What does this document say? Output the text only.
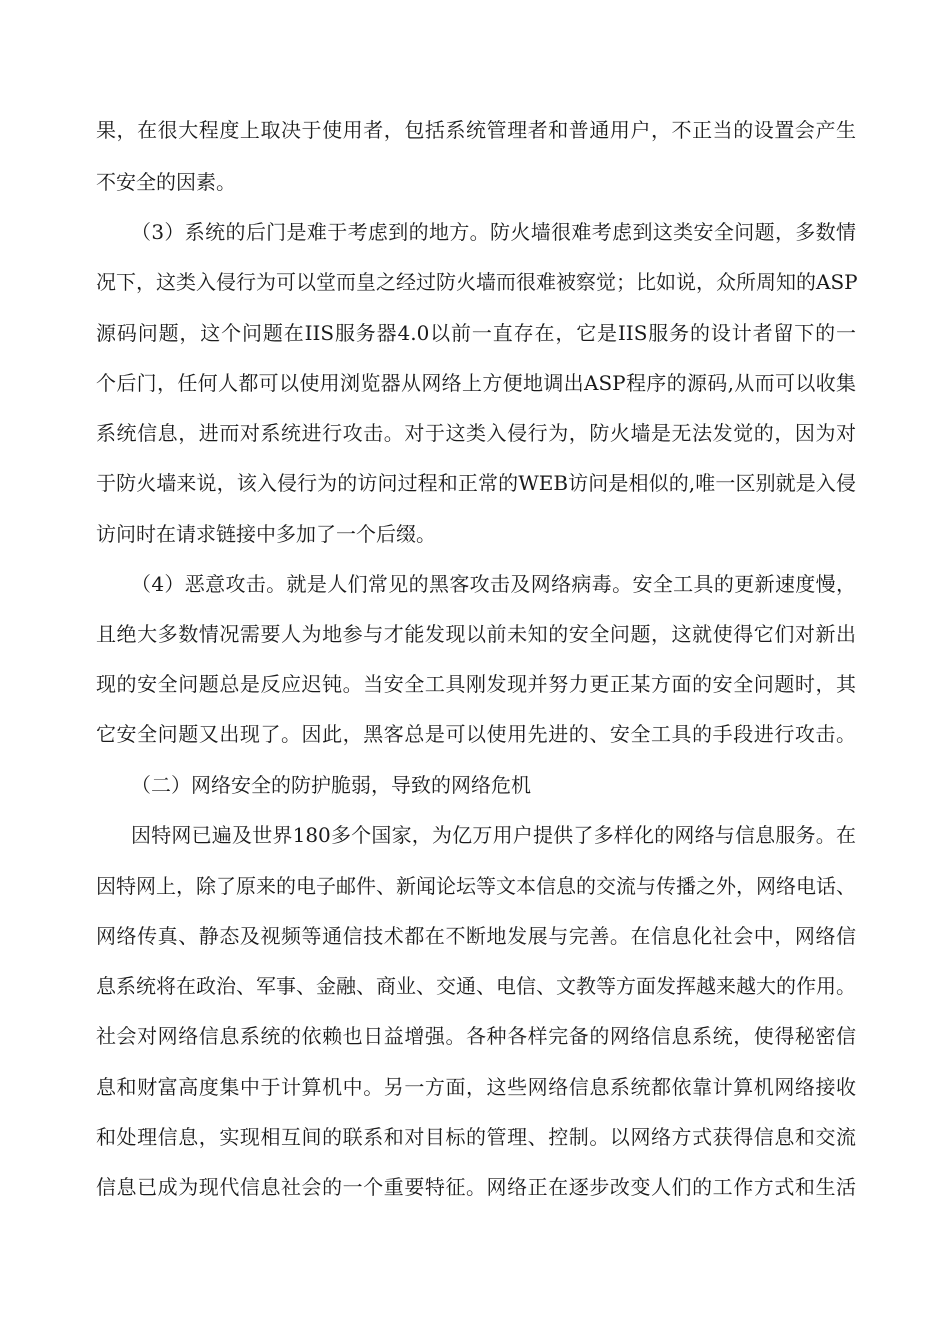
果，在很大程度上取决于使用者，包括系统管理者和普通用户，不正当的设置会产生
不安全的因素。
（3）系统的后门是难于考虑到的地方。防火墙很难考虑到这类安全问题，多数情
况下，这类入侵行为可以堂而皇之经过防火墙而很难被察觉；比如说，众所周知的ASP
源码问题，这个问题在IIS服务器4.0以前一直存在，它是IIS服务的设计者留下的一
个后门，任何人都可以使用浏览器从网络上方便地调出ASP程序的源码,从而可以收集
系统信息，进而对系统进行攻击。对于这类入侵行为，防火墙是无法发觉的，因为对
于防火墙来说，该入侵行为的访问过程和正常的WEB访问是相似的,唯一区别就是入侵
访问时在请求链接中多加了一个后缀。
（4）恶意攻击。就是人们常见的黑客攻击及网络病毒。安全工具的更新速度慢，
且绝大多数情况需要人为地参与才能发现以前未知的安全问题，这就使得它们对新出
现的安全问题总是反应迟钝。当安全工具刚发现并努力更正某方面的安全问题时，其
它安全问题又出现了。因此，黑客总是可以使用先进的、安全工具的手段进行攻击。
（二）网络安全的防护脆弱，导致的网络危机
因特网已遍及世界180多个国家，为亿万用户提供了多样化的网络与信息服务。在
因特网上，除了原来的电子邮件、新闻论坛等文本信息的交流与传播之外，网络电话、
网络传真、静态及视频等通信技术都在不断地发展与完善。在信息化社会中，网络信
息系统将在政治、军事、金融、商业、交通、电信、文教等方面发挥越来越大的作用。
社会对网络信息系统的依赖也日益增强。各种各样完备的网络信息系统，使得秘密信
息和财富高度集中于计算机中。另一方面，这些网络信息系统都依靠计算机网络接收
和处理信息，实现相互间的联系和对目标的管理、控制。以网络方式获得信息和交流
信息已成为现代信息社会的一个重要特征。网络正在逐步改变人们的工作方式和生活
